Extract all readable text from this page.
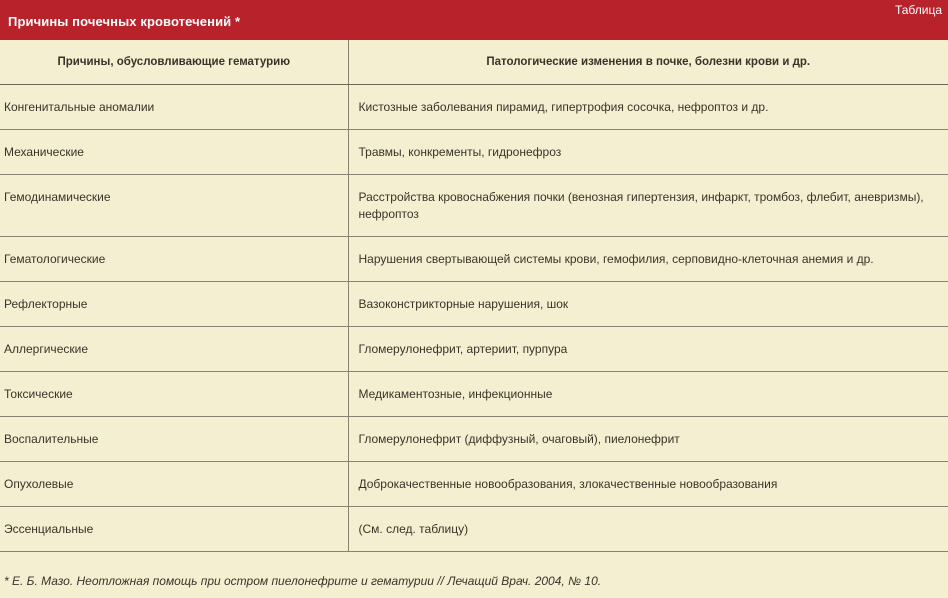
Причины почечных кровотечений *
Таблица
Причины, обусловливающие гематурию	Патологические изменения в почке, болезни крови и др.
Конгенитальные аномалии	Кистозные заболевания пирамид, гипертрофия сосочка, нефроптоз и др.
Механические	Травмы, конкременты, гидронефроз
Гемодинамические	Расстройства кровоснабжения почки (венозная гипертензия, инфаркт, тромбоз, флебит, аневризмы), нефроптоз
Гематологические	Нарушения свертывающей системы крови, гемофилия, серповидно-клеточная анемия и др.
Рефлекторные	Вазоконстрикторные нарушения, шок
Аллергические	Гломерулонефрит, артериит, пурпура
Токсические	Медикаментозные, инфекционные
Воспалительные	Гломерулонефрит (диффузный, очаговый), пиелонефрит
Опухолевые	Доброкачественные новообразования, злокачественные новообразования
Эссенциальные	(См. след. таблицу)
* Е. Б. Мазо. Неотложная помощь при остром пиелонефрите и гематурии // Лечащий Врач. 2004, № 10.
